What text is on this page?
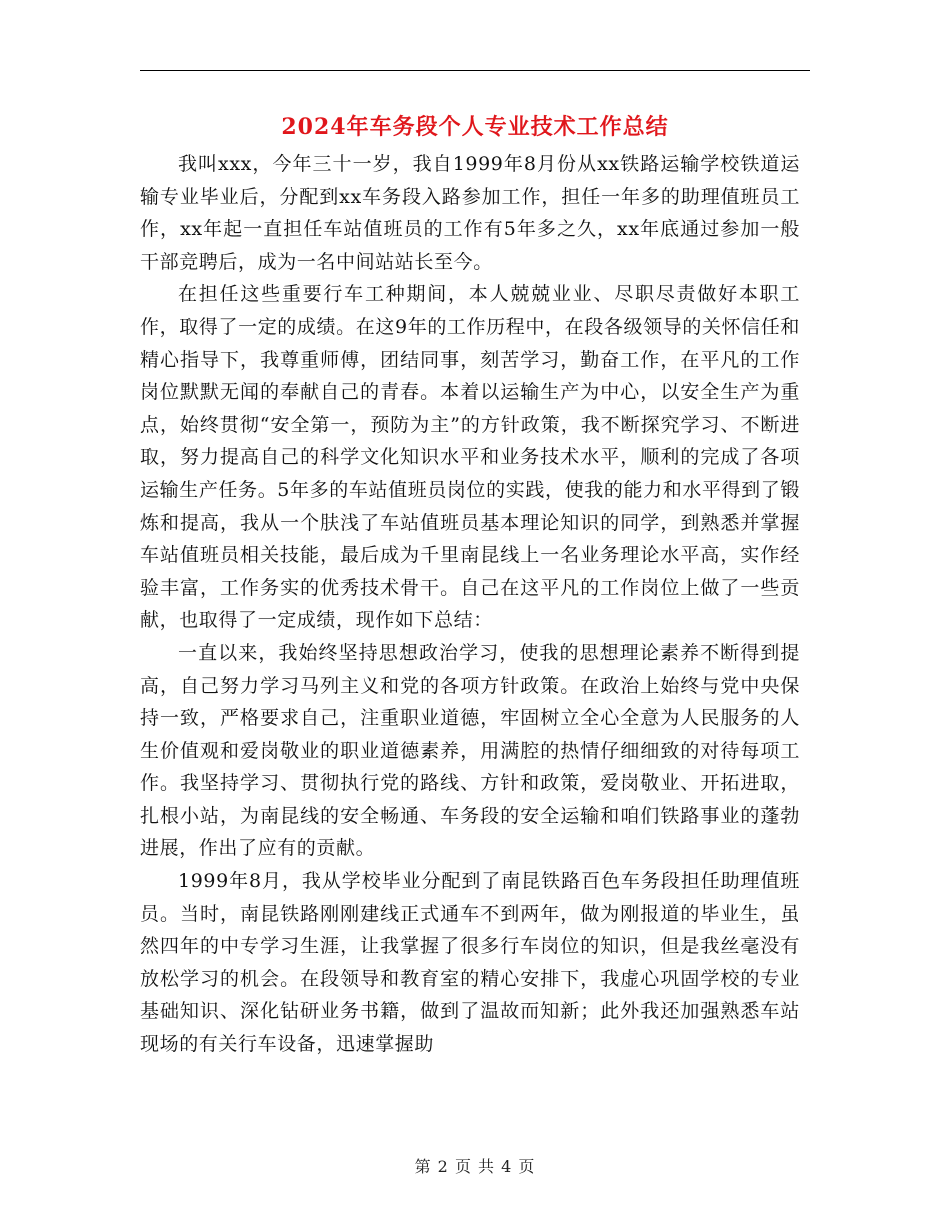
2024年车务段个人专业技术工作总结

我叫xxx，今年三十一岁，我自1999年8月份从xx铁路运输学校铁道运输专业毕业后，分配到xx车务段入路参加工作，担任一年多的助理值班员工作，xx年起一直担任车站值班员的工作有5年多之久，xx年底通过参加一般干部竞聘后，成为一名中间站站长至今。

在担任这些重要行车工种期间，本人兢兢业业、尽职尽责做好本职工作，取得了一定的成绩。在这9年的工作历程中，在段各级领导的关怀信任和精心指导下，我尊重师傅，团结同事，刻苦学习，勤奋工作，在平凡的工作岗位默默无闻的奉献自己的青春。本着以运输生产为中心，以安全生产为重点，始终贯彻“安全第一，预防为主”的方针政策，我不断探究学习、不断进取，努力提高自己的科学文化知识水平和业务技术水平，顺利的完成了各项运输生产任务。5年多的车站值班员岗位的实践，使我的能力和水平得到了锻炼和提高，我从一个肤浅了车站值班员基本理论知识的同学，到熟悉并掌握车站值班员相关技能，最后成为千里南昆线上一名业务理论水平高，实作经验丰富，工作务实的优秀技术骨干。自己在这平凡的工作岗位上做了一些贡献，也取得了一定成绩，现作如下总结：

一直以来，我始终坚持思想政治学习，使我的思想理论素养不断得到提高，自己努力学习马列主义和党的各项方针政策。在政治上始终与党中央保持一致，严格要求自己，注重职业道德，牢固树立全心全意为人民服务的人生价值观和爱岗敬业的职业道德素养，用满腔的热情仔细细致的对待每项工作。我坚持学习、贯彻执行党的路线、方针和政策，爱岗敬业、开拓进取，扎根小站，为南昆线的安全畅通、车务段的安全运输和咱们铁路事业的蓬勃进展，作出了应有的贡献。

1999年8月，我从学校毕业分配到了南昆铁路百色车务段担任助理值班员。当时，南昆铁路刚刚建线正式通车不到两年，做为刚报道的毕业生，虽然四年的中专学习生涯，让我掌握了很多行车岗位的知识，但是我丝毫没有放松学习的机会。在段领导和教育室的精心安排下，我虚心巩固学校的专业基础知识、深化钻研业务书籍，做到了温故而知新；此外我还加强熟悉车站现场的有关行车设备，迅速掌握助

第 2 页 共 4 页
